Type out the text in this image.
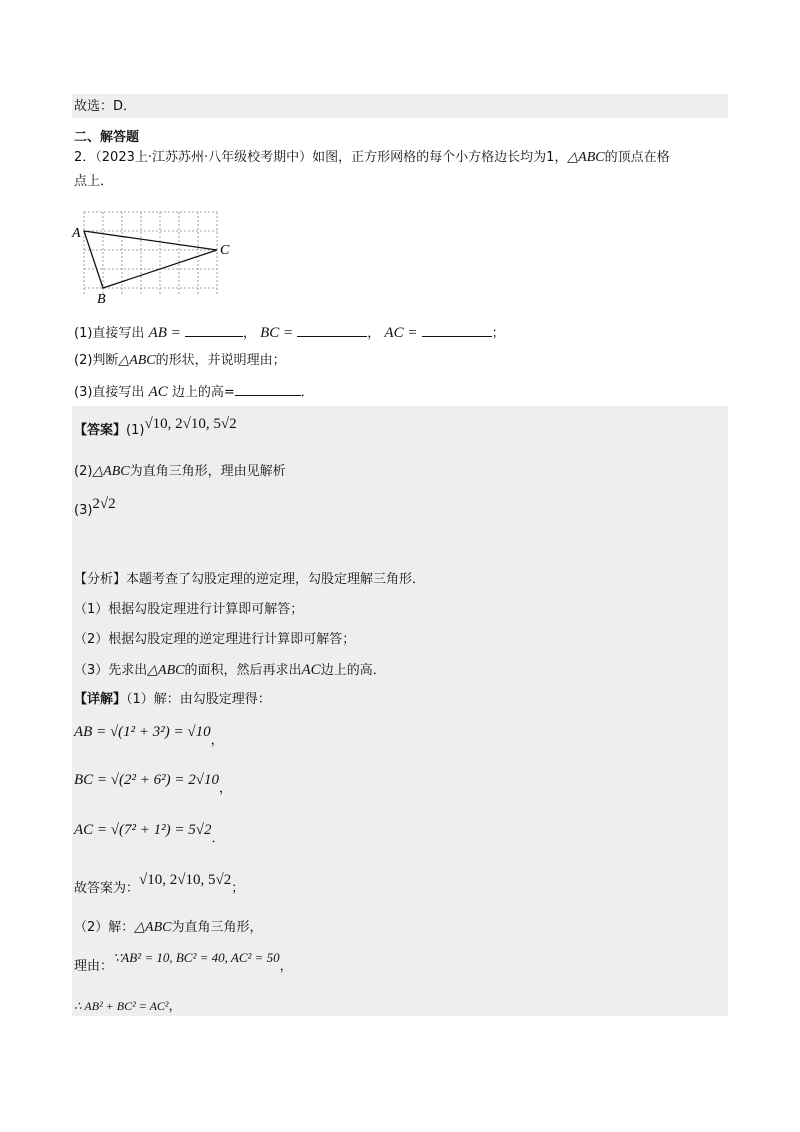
故选：D．
二、解答题
2．（2023上·江苏苏州·八年级校考期中）如图，正方形网格的每个小方格边长均为1，△ABC的顶点在格
点上．
A
B
C
(1)直接写出 AB =	， BC =	， AC =	；
(2)判断△ABC的形状，并说明理由；
(3)直接写出 AC 边上的高=	．
【答案】(1)√10, 2√10, 5√2
(2)△ABC为直角三角形，理由见解析
(3)2√2
【分析】本题考查了勾股定理的逆定理，勾股定理解三角形．
（1）根据勾股定理进行计算即可解答；
（2）根据勾股定理的逆定理进行计算即可解答；
（3）先求出△ABC的面积，然后再求出AC边上的高．
【详解】（1）解：由勾股定理得：
AB = √(1² + 3²) = √10，
BC = √(2² + 6²) = 2√10，
AC = √(7² + 1²) = 5√2．
故答案为：√10, 2√10, 5√2；
（2）解：△ABC为直角三角形，
理由：∵AB² = 10, BC² = 40, AC² = 50，
∴ AB² + BC² = AC²，
